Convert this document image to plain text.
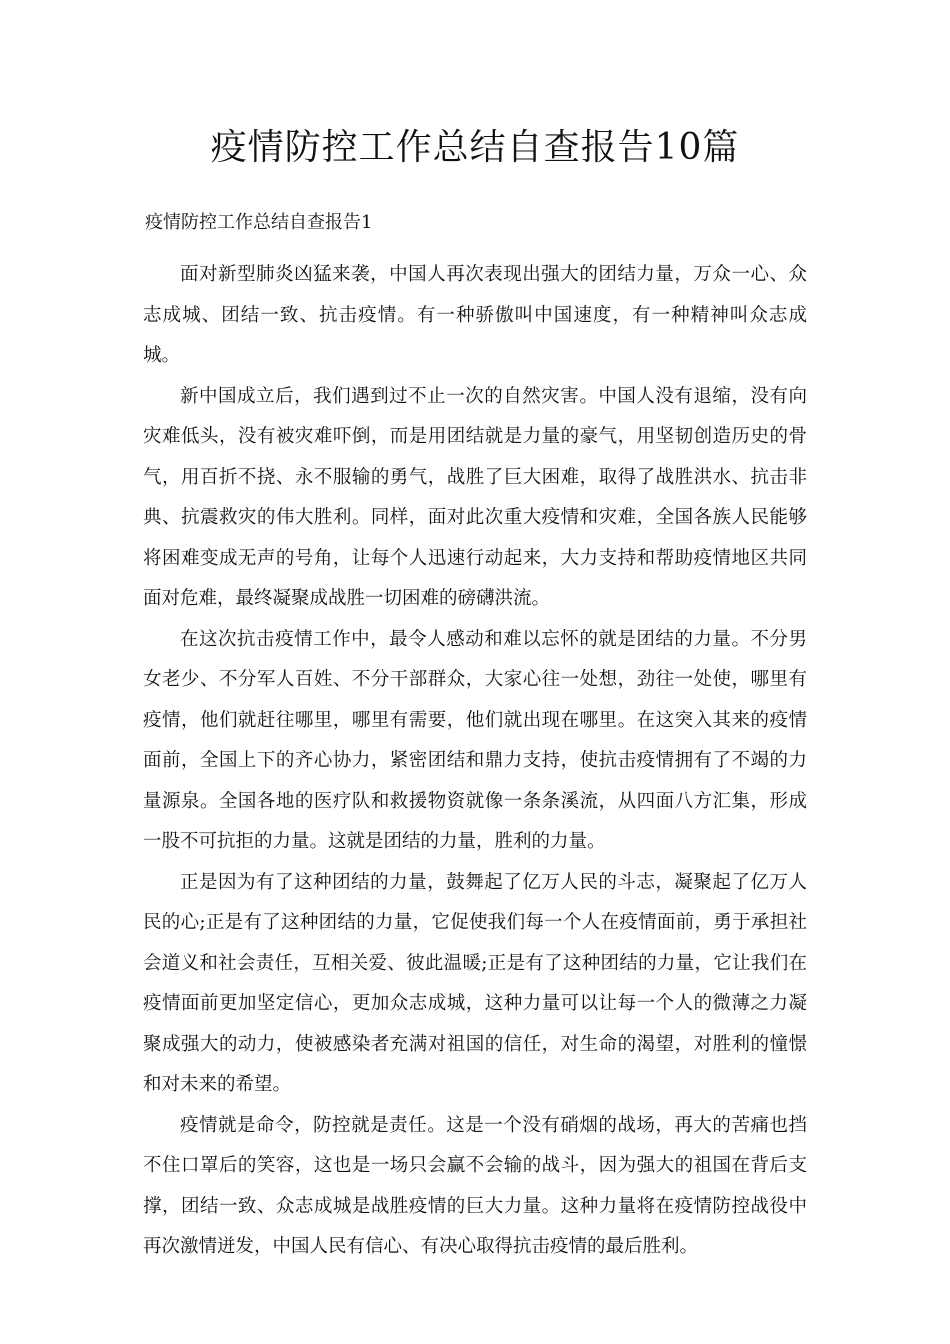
疫情防控工作总结自查报告10篇

疫情防控工作总结自查报告1

面对新型肺炎凶猛来袭，中国人再次表现出强大的团结力量，万众一心、众志成城、团结一致、抗击疫情。有一种骄傲叫中国速度，有一种精神叫众志成城。

新中国成立后，我们遇到过不止一次的自然灾害。中国人没有退缩，没有向灾难低头，没有被灾难吓倒，而是用团结就是力量的豪气，用坚韧创造历史的骨气，用百折不挠、永不服输的勇气，战胜了巨大困难，取得了战胜洪水、抗击非典、抗震救灾的伟大胜利。同样，面对此次重大疫情和灾难，全国各族人民能够将困难变成无声的号角，让每个人迅速行动起来，大力支持和帮助疫情地区共同面对危难，最终凝聚成战胜一切困难的磅礴洪流。

在这次抗击疫情工作中，最令人感动和难以忘怀的就是团结的力量。不分男女老少、不分军人百姓、不分干部群众，大家心往一处想，劲往一处使，哪里有疫情，他们就赶往哪里，哪里有需要，他们就出现在哪里。在这突入其来的疫情面前，全国上下的齐心协力，紧密团结和鼎力支持，使抗击疫情拥有了不竭的力量源泉。全国各地的医疗队和救援物资就像一条条溪流，从四面八方汇集，形成一股不可抗拒的力量。这就是团结的力量，胜利的力量。

正是因为有了这种团结的力量，鼓舞起了亿万人民的斗志，凝聚起了亿万人民的心;正是有了这种团结的力量，它促使我们每一个人在疫情面前，勇于承担社会道义和社会责任，互相关爱、彼此温暖;正是有了这种团结的力量，它让我们在疫情面前更加坚定信心，更加众志成城，这种力量可以让每一个人的微薄之力凝聚成强大的动力，使被感染者充满对祖国的信任，对生命的渴望，对胜利的憧憬和对未来的希望。

疫情就是命令，防控就是责任。这是一个没有硝烟的战场，再大的苦痛也挡不住口罩后的笑容，这也是一场只会赢不会输的战斗，因为强大的祖国在背后支撑，团结一致、众志成城是战胜疫情的巨大力量。这种力量将在疫情防控战役中再次激情迸发，中国人民有信心、有决心取得抗击疫情的最后胜利。
